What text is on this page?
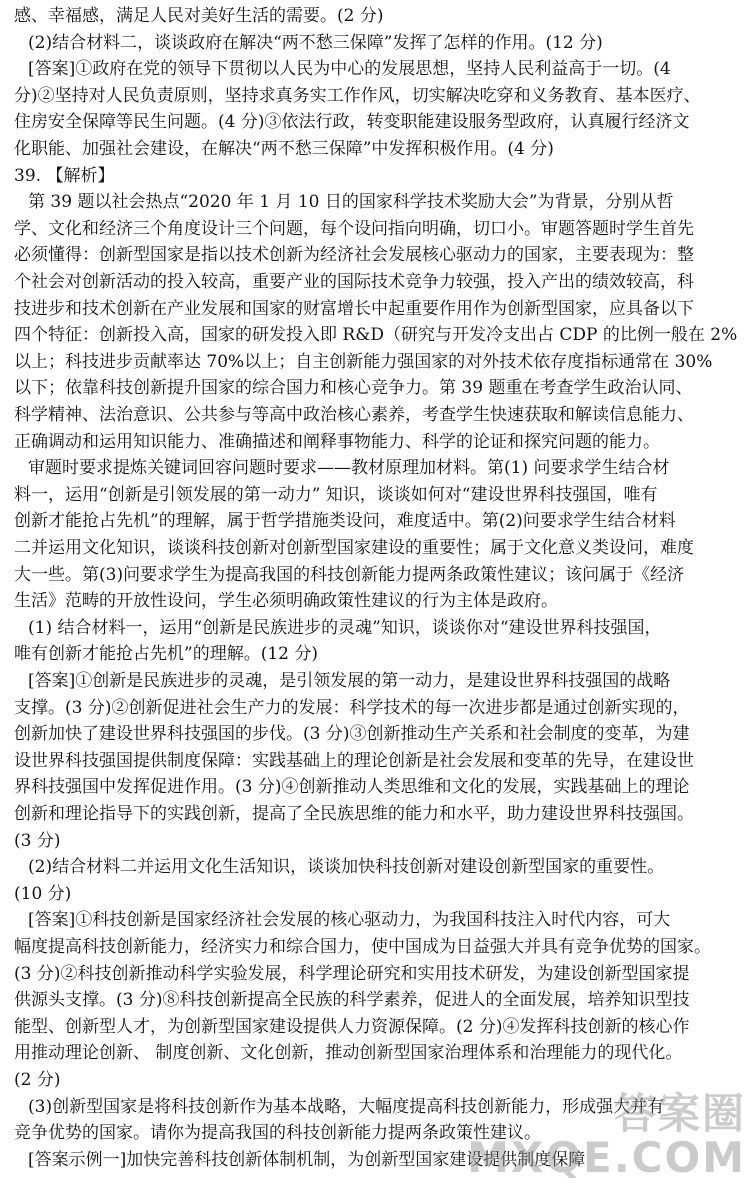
感、幸福感，满足人民对美好生活的需要。(2 分)
(2)结合材料二，谈谈政府在解决“两不愁三保障”发挥了怎样的作用。(12 分)
[答案]①政府在党的领导下贯彻以人民为中心的发展思想，坚持人民利益高于一切。(4
分)②坚持对人民负责原则，坚持求真务实工作作风，切实解决吃穿和义务教育、基本医疗、
住房安全保障等民生问题。(4 分)③依法行政，转变职能建设服务型政府，认真履行经济文
化职能、加强社会建设，在解决“两不愁三保障”中发挥积极作用。(4 分)
39. 【解析】
第 39 题以社会热点“2020 年 1 月 10 日的国家科学技术奖励大会”为背景，分别从哲
学、文化和经济三个角度设计三个问题，每个设问指向明确，切口小。审题答题时学生首先
必须懂得：创新型国家是指以技术创新为经济社会发展核心驱动力的国家，主要表现为：整
个社会对创新活动的投入较高，重要产业的国际技术竞争力较强，投入产出的绩效较高，科
技进步和技术创新在产业发展和国家的财富增长中起重要作用作为创新型国家，应具备以下
四个特征：创新投入高，国家的研发投入即 R&D（研究与开发冷支出占 CDP 的比例一般在 2%
以上；科技进步贡献率达 70%以上；自主创新能力强国家的对外技术依存度指标通常在 30%
以下；依靠科技创新提升国家的综合国力和核心竞争力。第 39 题重在考查学生政治认同、
科学精神、法治意识、公共参与等高中政治核心素养，考查学生快速获取和解读信息能力、
正确调动和运用知识能力、准确描述和阐释事物能力、科学的论证和探究问题的能力。
审题时要求提炼关键词回容问题时要求——教材原理加材料。第(1) 问要求学生结合材
料一，运用“创新是引领发展的第一动力” 知识，谈谈如何对“建设世界科技强国，唯有
创新才能抢占先机”的理解，属于哲学措施类设问，难度适中。第(2)问要求学生结合材料
二并运用文化知识，谈谈科技创新对创新型国家建设的重要性；属于文化意义类设问，难度
大一些。第(3)问要求学生为提高我国的科技创新能力提两条政策性建议；该问属于《经济
生活》范畴的开放性设问，学生必须明确政策性建议的行为主体是政府。
(1) 结合材料一，运用“创新是民族进步的灵魂”知识，谈谈你对“建设世界科技强国，
唯有创新才能抢占先机”的理解。(12 分)
[答案]①创新是民族进步的灵魂，是引领发展的第一动力，是建设世界科技强国的战略
支撑。(3 分)②创新促进社会生产力的发展：科学技术的每一次进步都是通过创新实现的，
创新加快了建设世界科技强国的步伐。(3 分)③创新推动生产关系和社会制度的变革，为建
设世界科技强国提供制度保障：实践基础上的理论创新是社会发展和变革的先导，在建设世
界科技强国中发挥促进作用。(3 分)④创新推动人类思维和文化的发展，实践基础上的理论
创新和理论指导下的实践创新，提高了全民族思维的能力和水平，助力建设世界科技强国。
(3 分)
(2)结合材料二并运用文化生活知识，谈谈加快科技创新对建设创新型国家的重要性。
(10 分)
[答案]①科技创新是国家经济社会发展的核心驱动力，为我国科技注入时代内容，可大
幅度提高科技创新能力，经济实力和综合国力，使中国成为日益强大并具有竞争优势的国家。
(3 分)②科技创新推动科学实验发展，科学理论研究和实用技术研发，为建设创新型国家提
供源头支撑。(3 分)⑧科技创新提高全民族的科学素养，促进人的全面发展，培养知识型技
能型、创新型人才，为创新型国家建设提供人力资源保障。(2 分)④发挥科技创新的核心作
用推动理论创新、 制度创新、文化创新，推动创新型国家治理体系和治理能力的现代化。
(2 分)
(3)创新型国家是将科技创新作为基本战略，大幅度提高科技创新能力，形成强大并有
竞争优势的国家。请你为提高我国的科技创新能力提两条政策性建议。
[答案示例一]加快完善科技创新体制机制，为创新型国家建设提供制度保障
答案圈
MXQE.COM
